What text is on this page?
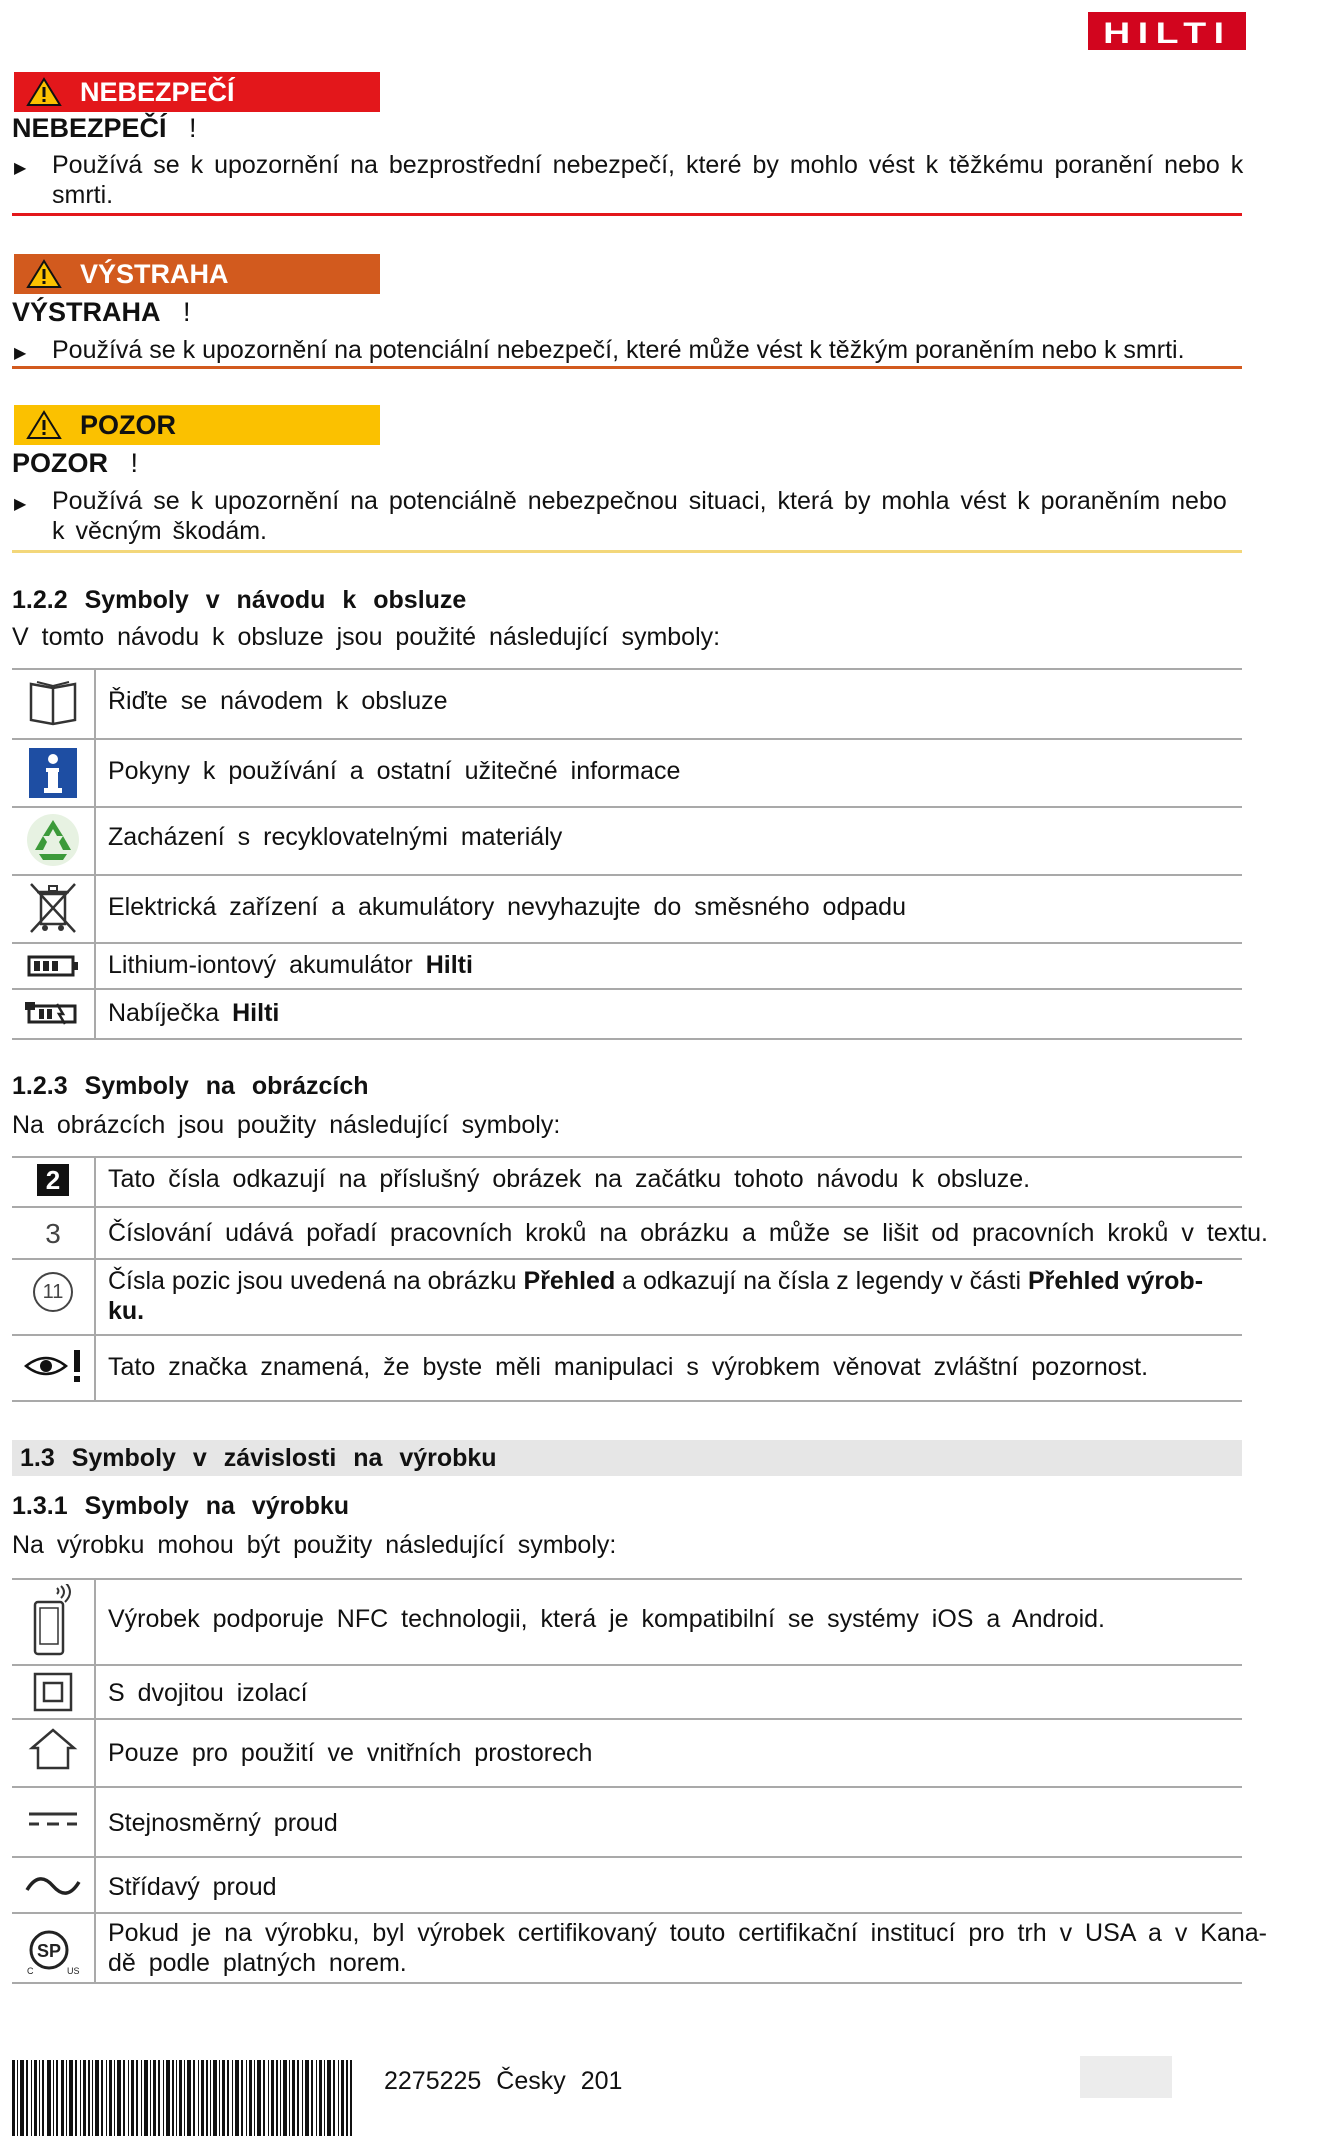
HILTI
NEBEZPEČÍ
NEBEZPEČÍ !
▶ Používá se k upozornění na bezprostřední nebezpečí, které by mohlo vést k těžkému poranění nebo k smrti.
VÝSTRAHA
VÝSTRAHA !
▶ Používá se k upozornění na potenciální nebezpečí, které může vést k těžkým poraněním nebo k smrti.
POZOR
POZOR !
▶ Používá se k upozornění na potenciálně nebezpečnou situaci, která by mohla vést k poraněním nebo k věcným škodám.
1.2.2 Symboly v návodu k obsluze
V tomto návodu k obsluze jsou použité následující symboly:
Řiďte se návodem k obsluze
Pokyny k používání a ostatní užitečné informace
Zacházení s recyklovatelnými materiály
Elektrická zařízení a akumulátory nevyhazujte do směsného odpadu
Lithium-iontový akumulátor Hilti
Nabíječka Hilti
1.2.3 Symboly na obrázcích
Na obrázcích jsou použity následující symboly:
2	Tato čísla odkazují na příslušný obrázek na začátku tohoto návodu k obsluze.
3	Číslování udává pořadí pracovních kroků na obrázku a může se lišit od pracovních kroků v textu.
11	Čísla pozic jsou uvedená na obrázku Přehled a odkazují na čísla z legendy v části Přehled výrob-
ku.
Tato značka znamená, že byste měli manipulaci s výrobkem věnovat zvláštní pozornost.
1.3 Symboly v závislosti na výrobku
1.3.1 Symboly na výrobku
Na výrobku mohou být použity následující symboly:
Výrobek podporuje NFC technologii, která je kompatibilní se systémy iOS a Android.
S dvojitou izolací
Pouze pro použití ve vnitřních prostorech
Stejnosměrný proud
Střídavý proud
SP
C	US
Pokud je na výrobku, byl výrobek certifikovaný touto certifikační institucí pro trh v USA a v Kana-
dě podle platných norem.
2275225 Česky 201
